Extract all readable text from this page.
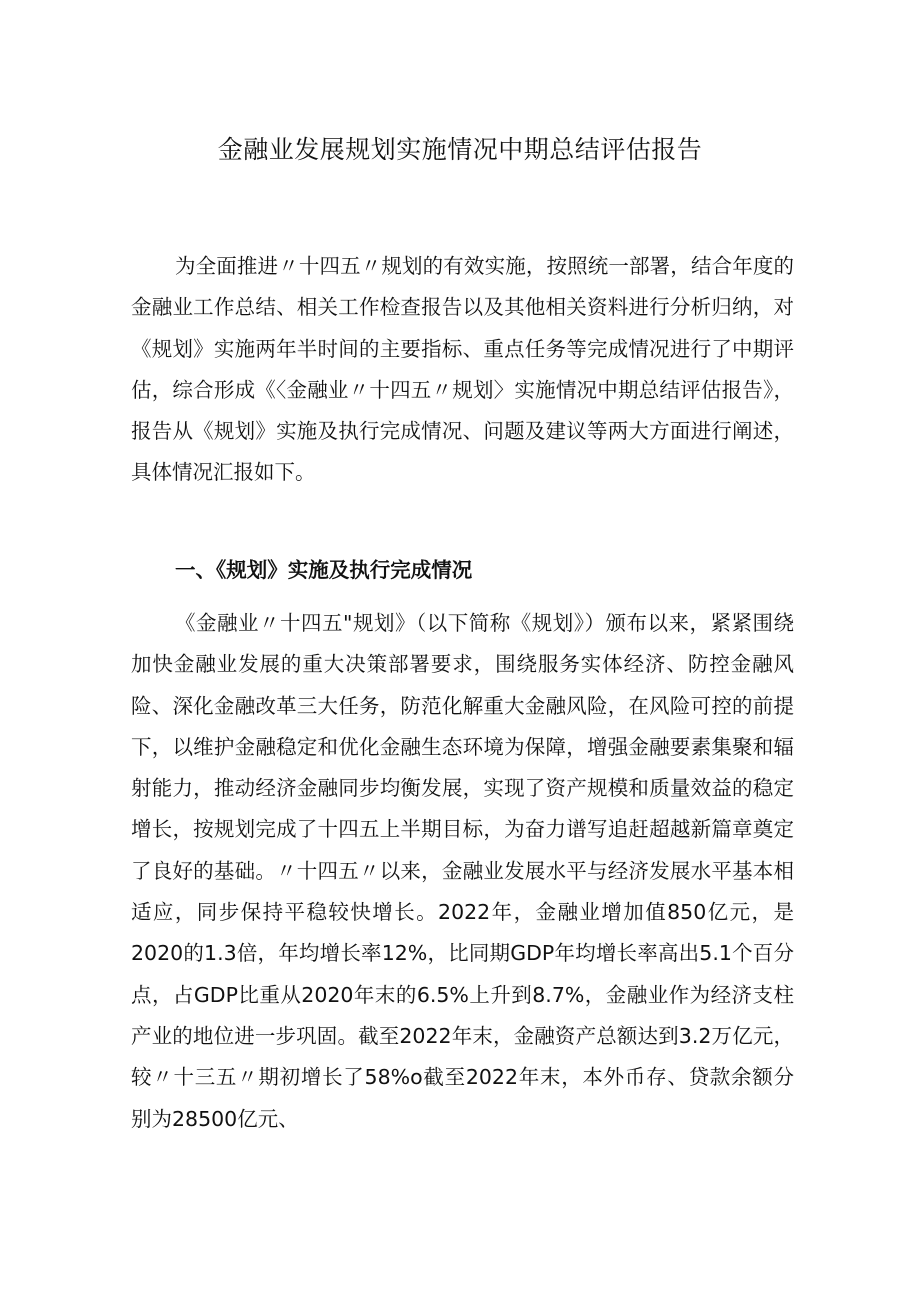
金融业发展规划实施情况中期总结评估报告

为全面推进〃十四五〃规划的有效实施，按照统一部署，结合年度的金融业工作总结、相关工作检查报告以及其他相关资料进行分析归纳，对《规划》实施两年半时间的主要指标、重点任务等完成情况进行了中期评估，综合形成《〈金融业〃十四五〃规划〉实施情况中期总结评估报告》，报告从《规划》实施及执行完成情况、问题及建议等两大方面进行阐述，具体情况汇报如下。

一、《规划》实施及执行完成情况

《金融业〃十四五"规划》（以下简称《规划》）颁布以来，紧紧围绕加快金融业发展的重大决策部署要求，围绕服务实体经济、防控金融风险、深化金融改革三大任务，防范化解重大金融风险，在风险可控的前提下，以维护金融稳定和优化金融生态环境为保障，增强金融要素集聚和辐射能力，推动经济金融同步均衡发展，实现了资产规模和质量效益的稳定增长，按规划完成了十四五上半期目标，为奋力谱写追赶超越新篇章奠定了良好的基础。〃十四五〃以来，金融业发展水平与经济发展水平基本相适应，同步保持平稳较快增长。2022年，金融业增加值850亿元，是2020的1.3倍，年均增长率12%，比同期GDP年均增长率高出5.1个百分点，占GDP比重从2020年末的6.5%上升到8.7%，金融业作为经济支柱产业的地位进一步巩固。截至2022年末，金融资产总额达到3.2万亿元，较〃十三五〃期初增长了58%o截至2022年末，本外币存、贷款余额分别为28500亿元、
